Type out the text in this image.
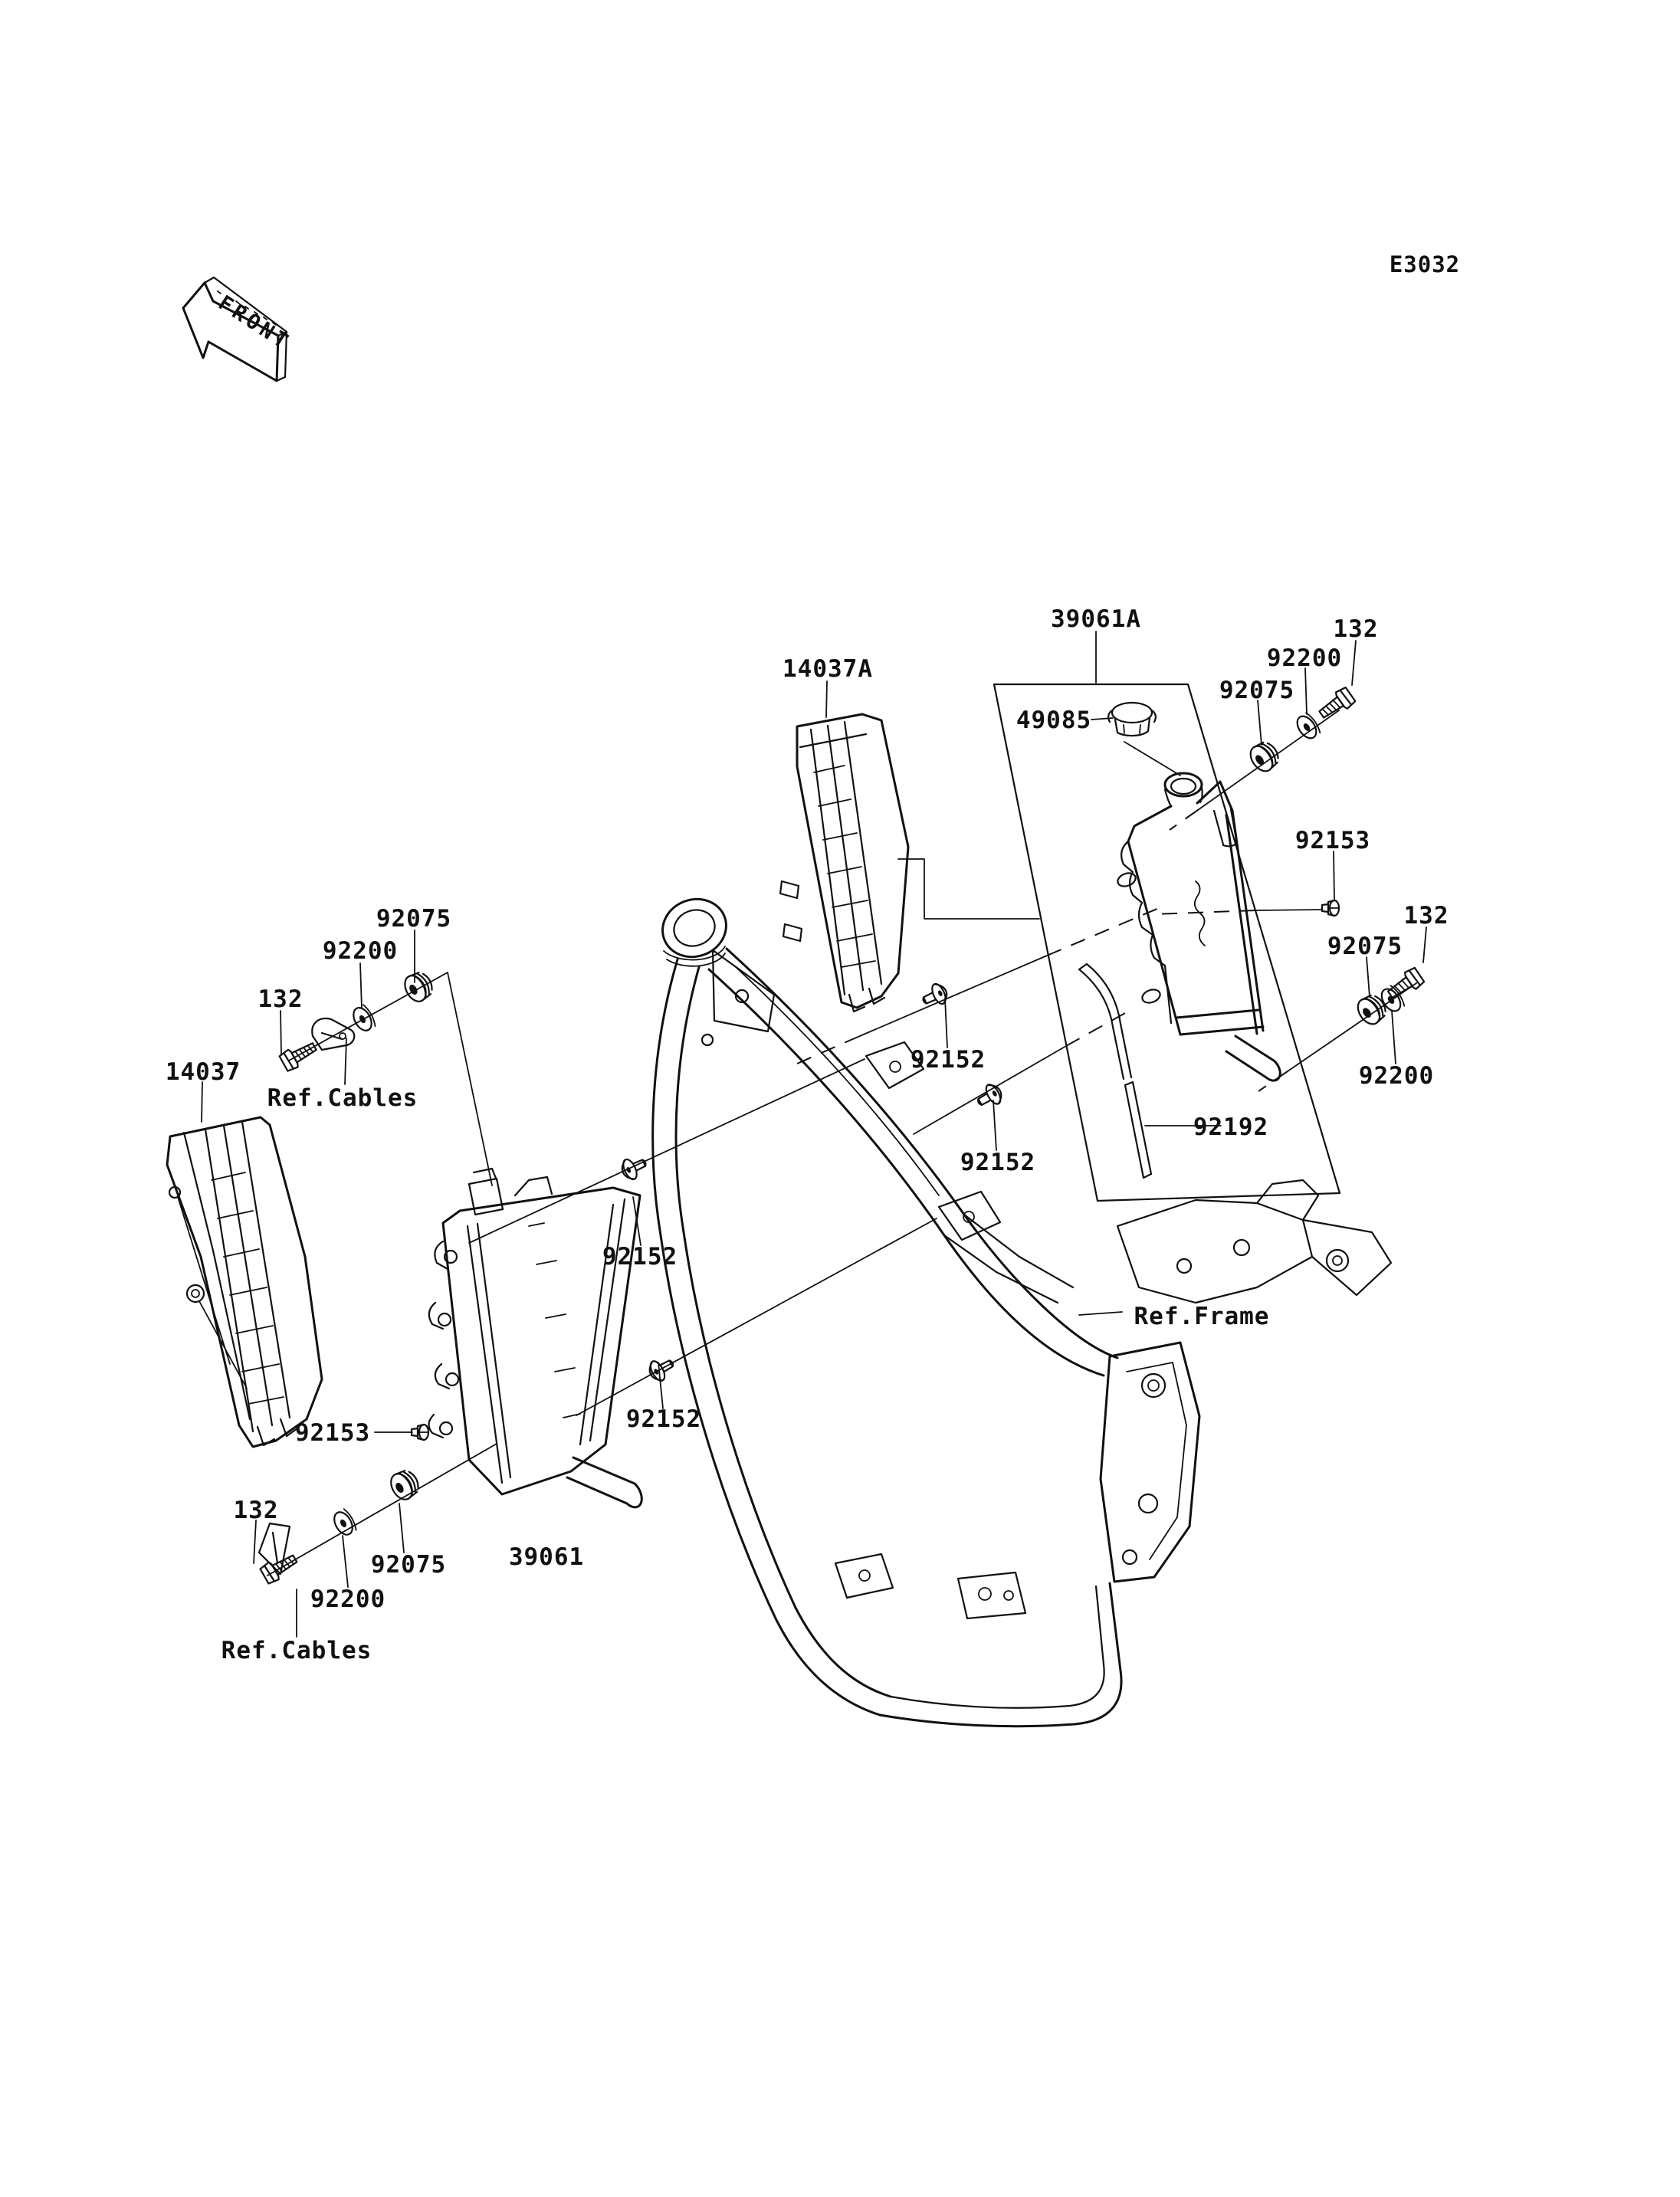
E3032
FRONT
39061A
14037A
132
92200
92075
49085
92153
132
92075
92200
92192
92152
92152
92152
92152
92075
92200
132
Ref.Cables
14037
92153
132
92075
92200
Ref.Cables
39061
Ref.Frame
